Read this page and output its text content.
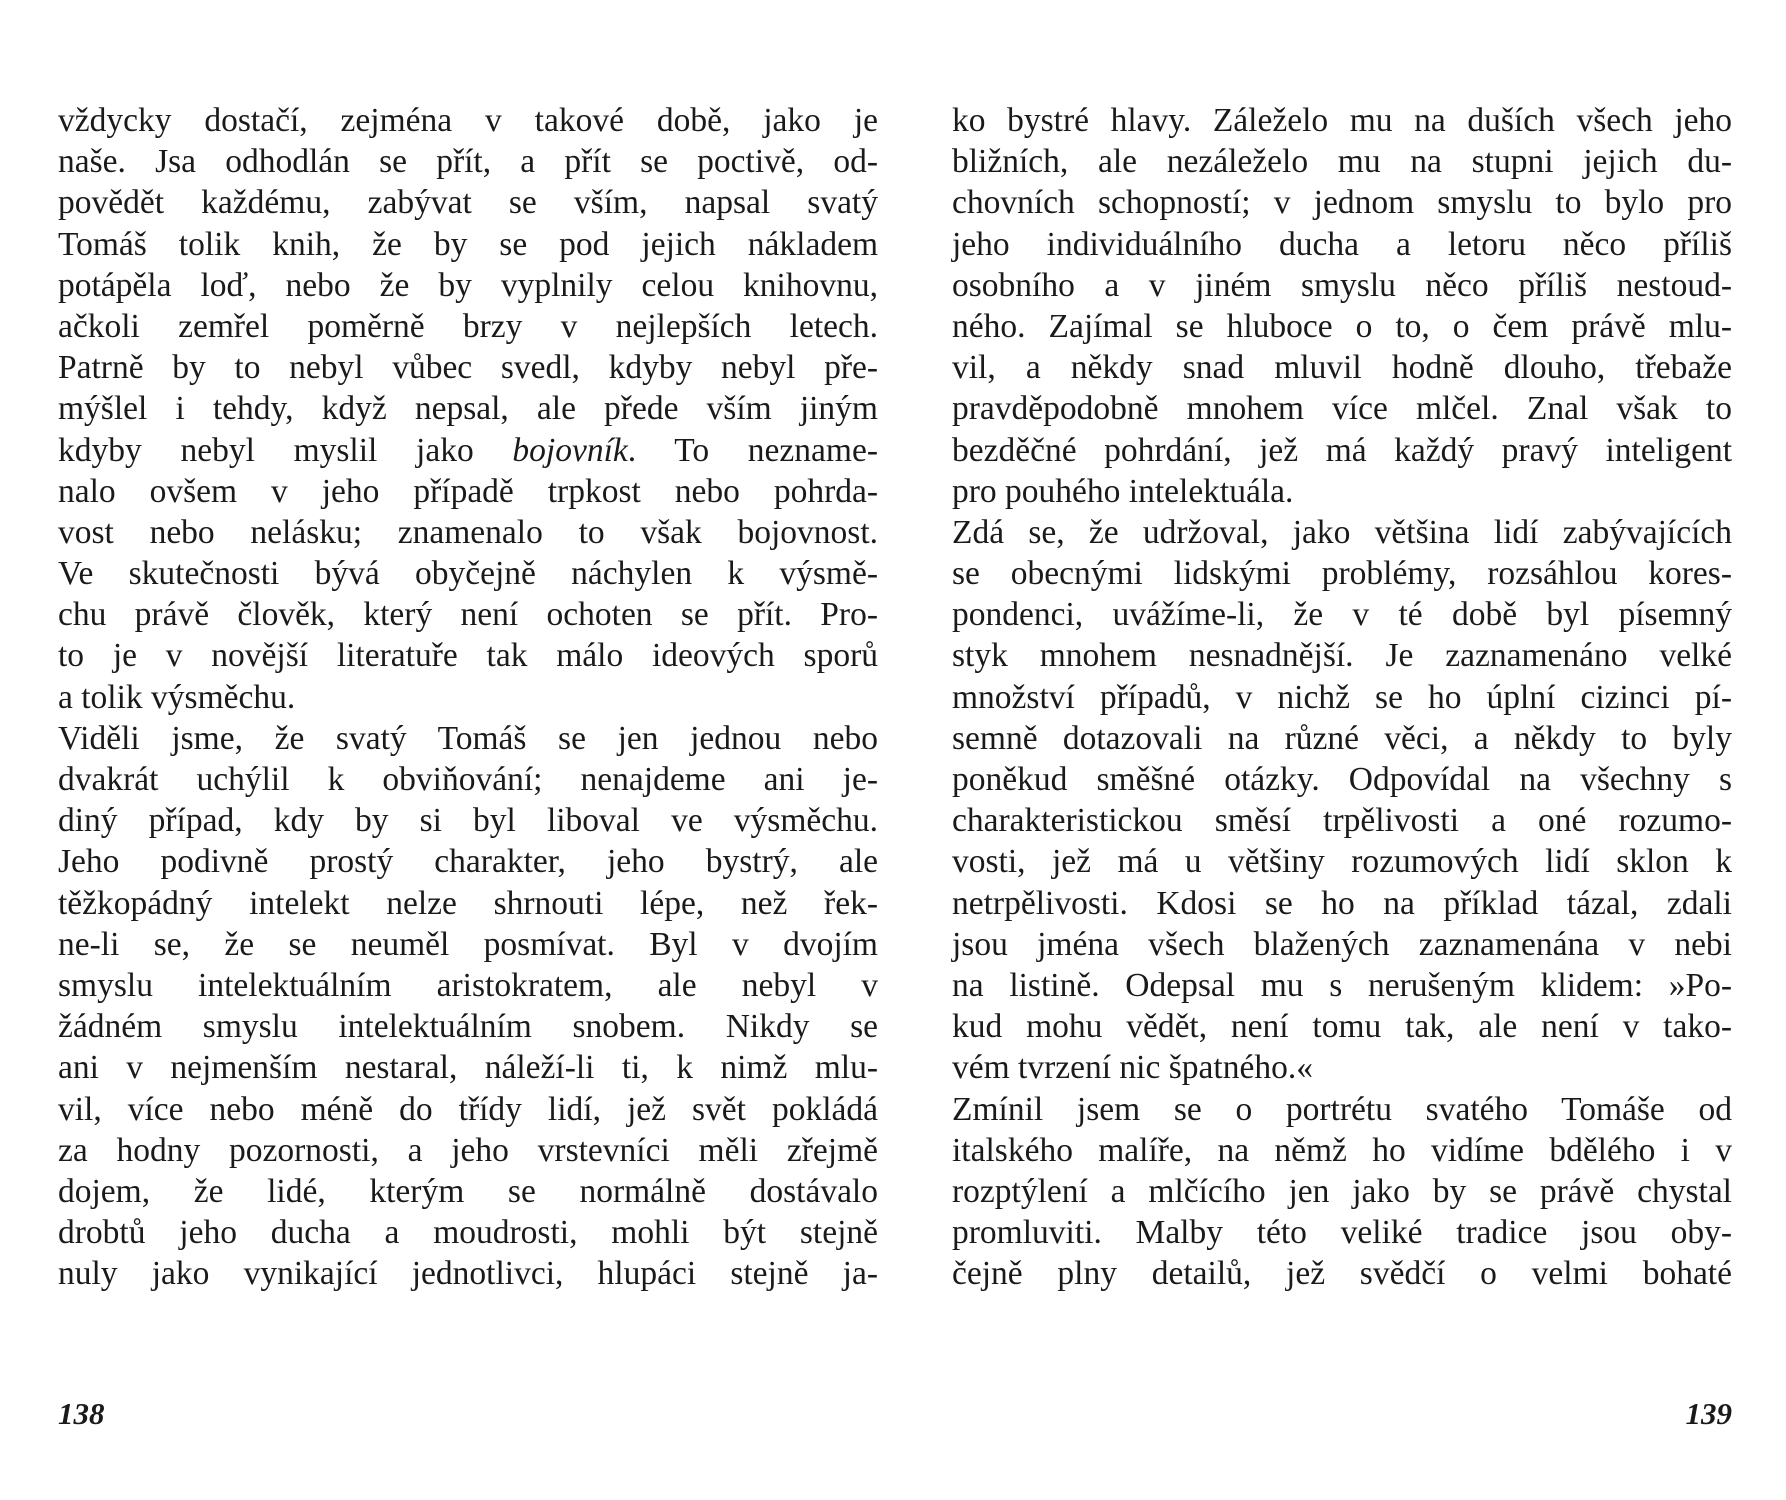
vždycky dostačí, zejména v takové době, jako je
naše. Jsa odhodlán se přít, a přít se poctivě, od-
povědět každému, zabývat se vším, napsal svatý
Tomáš tolik knih, že by se pod jejich nákladem
potápěla loď, nebo že by vyplnily celou knihovnu,
ačkoli zemřel poměrně brzy v nejlepších letech.
Patrně by to nebyl vůbec svedl, kdyby nebyl pře-
mýšlel i tehdy, když nepsal, ale přede vším jiným
kdyby nebyl myslil jako bojovník. To neznamе-
nalo ovšem v jeho případě trpkost nebo pohrda-
vost nebo nelásku; znamenalo to však bojovnost.
Ve skutečnosti bývá obyčejně náchylen k výsmě-
chu právě člověk, který není ochoten se přít. Pro-
to je v novější literatuře tak málo ideových sporů
a tolik výsměchu.
Viděli jsme, že svatý Tomáš se jen jednou nebo
dvakrát uchýlil k obviňování; nenajdeme ani je-
diný případ, kdy by si byl liboval ve výsměchu.
Jeho podivně prostý charakter, jeho bystrý, ale
těžkopádný intelekt nelze shrnouti lépe, než řek-
ne-li se, že se neuměl posmívat. Byl v dvojím
smyslu intelektuálním aristokratem, ale nebyl v
žádném smyslu intelektuálním snobem. Nikdy se
ani v nejmenším nestaral, náleží-li ti, k nimž mlu-
vil, více nebo méně do třídy lidí, jež svět pokládá
za hodny pozornosti, a jeho vrstevníci měli zřejmě
dojem, že lidé, kterým se normálně dostávalo
drobtů jeho ducha a moudrosti, mohli být stejně
nuly jako vynikající jednotlivci, hlupáci stejně ja-
138
ko bystré hlavy. Záleželo mu na duších všech jeho
bližních, ale nezáleželo mu na stupni jejich du-
chovních schopností; v jednom smyslu to bylo pro
jeho individuálního ducha a letoru něco příliš
osobního a v jiném smyslu něco příliš nestoud-
ného. Zajímal se hluboce o to, o čem právě mlu-
vil, a někdy snad mluvil hodně dlouho, třebaže
pravděpodobně mnohem více mlčel. Znal však to
bezděčné pohrdání, jež má každý pravý inteligent
pro pouhého intelektuála.
Zdá se, že udržoval, jako většina lidí zabývajících
se obecnými lidskými problémy, rozsáhlou kores-
pondenci, uvážíme-li, že v té době byl písemný
styk mnohem nesnadnější. Je zaznamenáno velké
množství případů, v nichž se ho úplní cizinci pí-
semně dotazovali na různé věci, a někdy to byly
poněkud směšné otázky. Odpovídal na všechny s
charakteristickou směsí trpělivosti a oné rozumo-
vosti, jež má u většiny rozumových lidí sklon k
netrpělivosti. Kdosi se ho na příklad tázal, zdali
jsou jména všech blažených zaznamenána v nebi
na listině. Odepsal mu s nerušeným klidem: »Po-
kud mohu vědět, není tomu tak, ale není v tako-
vém tvrzení nic špatného.«
Zmínil jsem se o portrétu svatého Tomáše od
italského malíře, na němž ho vidíme bdělého i v
rozptýlení a mlčícího jen jako by se právě chystal
promluviti. Malby této veliké tradice jsou oby-
čejně plny detailů, jež svědčí o velmi bohaté
139
